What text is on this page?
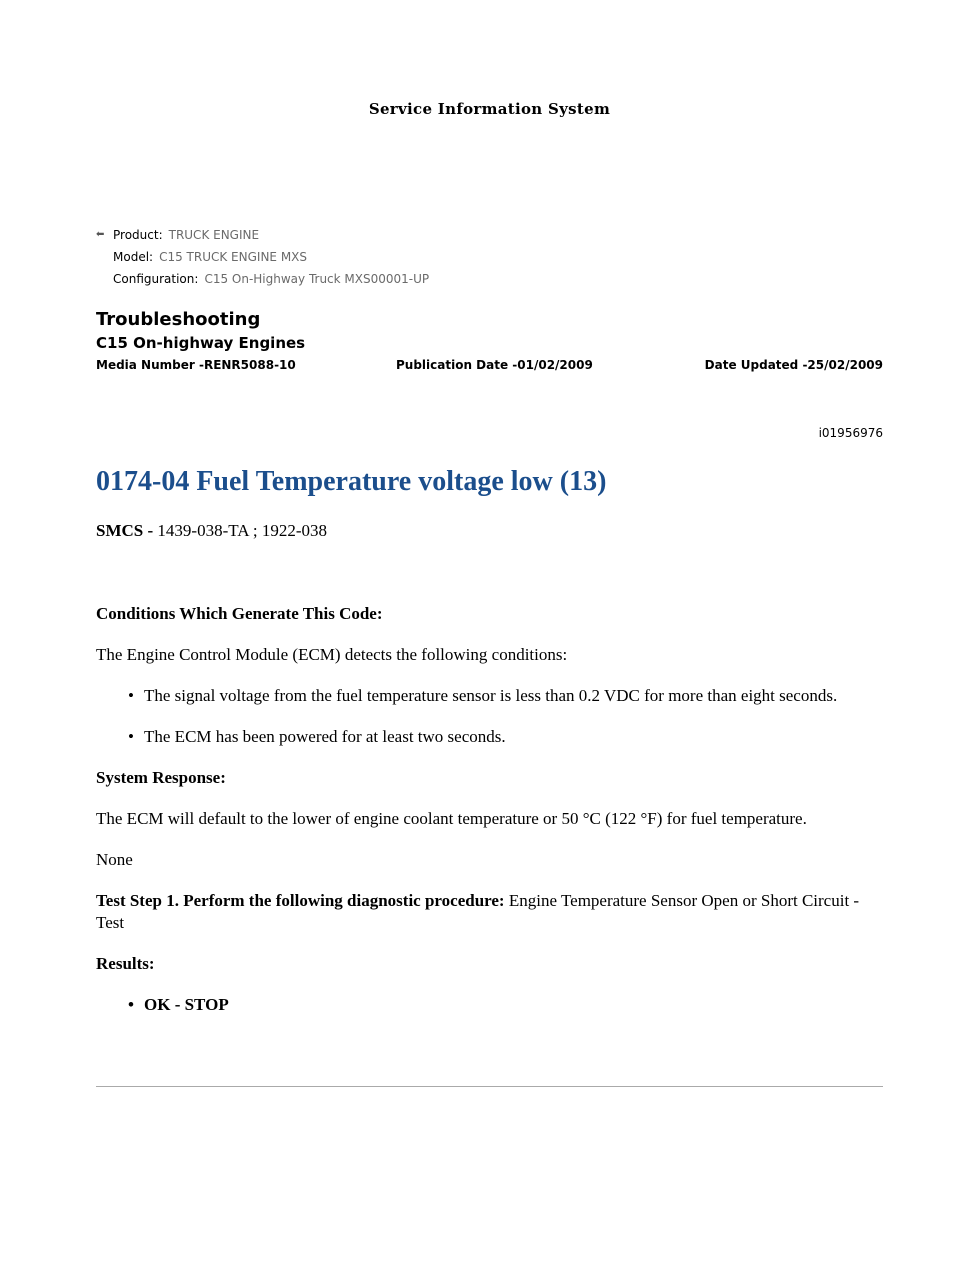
Service Information System
⬅︎ Product: TRUCK ENGINE
Model: C15 TRUCK ENGINE MXS
Configuration: C15 On-Highway Truck MXS00001-UP
Troubleshooting
C15 On-highway Engines
Media Number -RENR5088-10	Publication Date -01/02/2009	Date Updated -25/02/2009
i01956976
0174-04 Fuel Temperature voltage low (13)

SMCS - 1439-038-TA ; 1922-038

Conditions Which Generate This Code:

The Engine Control Module (ECM) detects the following conditions:

• The signal voltage from the fuel temperature sensor is less than 0.2 VDC for more than eight seconds.
• The ECM has been powered for at least two seconds.

System Response:

The ECM will default to the lower of engine coolant temperature or 50 °C (122 °F) for fuel temperature.

None

Test Step 1. Perform the following diagnostic procedure: Engine Temperature Sensor Open or Short Circuit - Test

Results:

• OK - STOP
